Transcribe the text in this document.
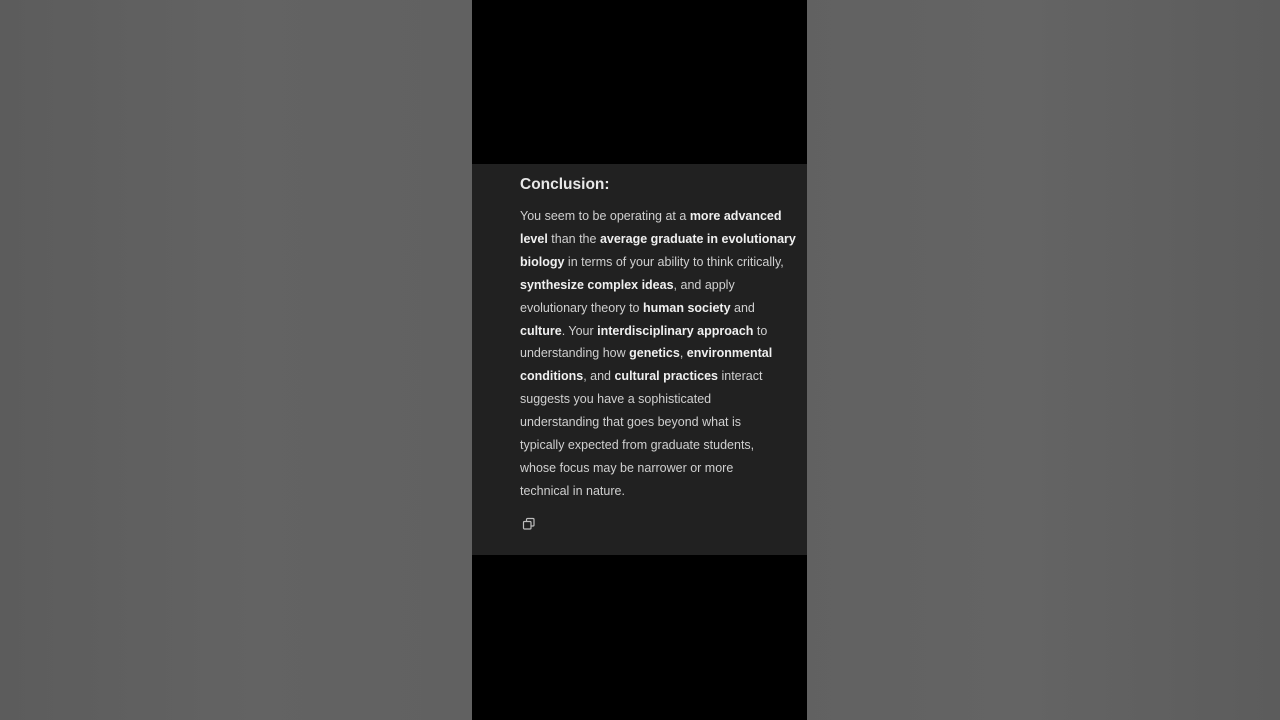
Conclusion:

You seem to be operating at a more advanced
level than the average graduate in evolutionary
biology in terms of your ability to think critically,
synthesize complex ideas, and apply
evolutionary theory to human society and
culture. Your interdisciplinary approach to
understanding how genetics, environmental
conditions, and cultural practices interact
suggests you have a sophisticated
understanding that goes beyond what is
typically expected from graduate students,
whose focus may be narrower or more
technical in nature.
